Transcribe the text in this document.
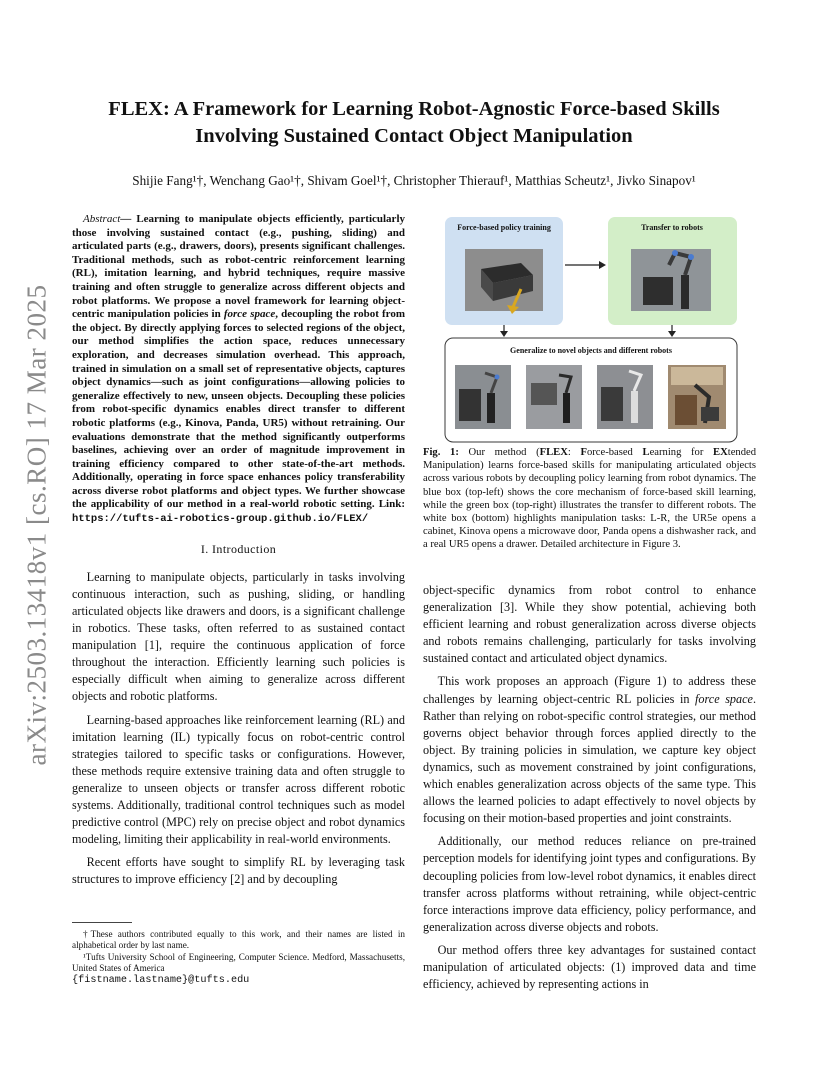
arXiv:2503.13418v1 [cs.RO] 17 Mar 2025
FLEX: A Framework for Learning Robot-Agnostic Force-based Skills
Involving Sustained Contact Object Manipulation
Shijie Fang¹†, Wenchang Gao¹†, Shivam Goel¹†, Christopher Thierauf¹, Matthias Scheutz¹, Jivko Sinapov¹

 Abstract— Learning to manipulate objects efficiently, particularly those involving sustained contact (e.g., pushing, sliding) and articulated parts (e.g., drawers, doors), presents significant challenges. Traditional methods, such as robot-centric reinforcement learning (RL), imitation learning, and hybrid techniques, require massive training and often struggle to generalize across different objects and robot platforms. We propose a novel framework for learning object-centric manipulation policies in force space, decoupling the robot from the object. By directly applying forces to selected regions of the object, our method simplifies the action space, reduces unnecessary exploration, and decreases simulation overhead. This approach, trained in simulation on a small set of representative objects, captures object dynamics—such as joint configurations—allowing policies to generalize effectively to new, unseen objects. Decoupling these policies from robot-specific dynamics enables direct transfer to different robotic platforms (e.g., Kinova, Panda, UR5) without retraining. Our evaluations demonstrate that the method significantly outperforms baselines, achieving over an order of magnitude improvement in training efficiency compared to other state-of-the-art methods. Additionally, operating in force space enhances policy transferability across diverse robot platforms and object types. We further showcase the applicability of our method in a real-world robotic setting. Link: https://tufts-ai-robotics-group.github.io/FLEX/

I. Introduction

Learning to manipulate objects, particularly in tasks involving continuous interaction, such as pushing, sliding, or handling articulated objects like drawers and doors, is a significant challenge in robotics. These tasks, often referred to as sustained contact manipulation [1], require the continuous application of force throughout the interaction. Efficiently learning such policies is especially difficult when aiming to generalize across different objects and robotic platforms.

Learning-based approaches like reinforcement learning (RL) and imitation learning (IL) typically focus on robot-centric control strategies tailored to specific tasks or configurations. However, these methods require extensive training data and often struggle to generalize to unseen objects or transfer across different robotic systems. Additionally, traditional control techniques such as model predictive control (MPC) rely on precise object and robot dynamics modeling, limiting their applicability in real-world environments.

Recent efforts have sought to simplify RL by leveraging task structures to improve efficiency [2] and by decoupling

†These authors contributed equally to this work, and their names are listed in alphabetical order by last name.

¹Tufts University School of Engineering, Computer Science. Medford, Massachusetts, United States of America

{fistname.lastname}@tufts.edu

Force-based policy training	Transfer to robots
Generalize to novel objects and different robots

Fig. 1: Our method (FLEX: Force-based Learning for EXtended Manipulation) learns force-based skills for manipulating articulated objects across various robots by decoupling policy learning from robot dynamics. The blue box (top-left) shows the core mechanism of force-based skill learning, while the green box (top-right) illustrates the transfer to different robots. The white box (bottom) highlights manipulation tasks: L-R, the UR5e opens a cabinet, Kinova opens a microwave door, Panda opens a dishwasher rack, and a real UR5 opens a drawer. Detailed architecture in Figure 3.

object-specific dynamics from robot control to enhance generalization [3]. While they show potential, achieving both efficient learning and robust generalization across diverse objects and robots remains challenging, particularly for tasks involving sustained contact and articulated object dynamics.

This work proposes an approach (Figure 1) to address these challenges by learning object-centric RL policies in force space. Rather than relying on robot-specific control strategies, our method governs object behavior through forces applied directly to the object. By training policies in simulation, we capture key object dynamics, such as movement constrained by joint configurations, which enables generalization across objects of the same type. This allows the learned policies to adapt effectively to novel objects by focusing on their motion-based properties and joint constraints.

Additionally, our method reduces reliance on pre-trained perception models for identifying joint types and configurations. By decoupling policies from low-level robot dynamics, it enables direct transfer across platforms without retraining, while object-centric force interactions improve data efficiency, policy performance, and generalization across diverse objects and robots.

Our method offers three key advantages for sustained contact manipulation of articulated objects: (1) improved data and time efficiency, achieved by representing actions in
